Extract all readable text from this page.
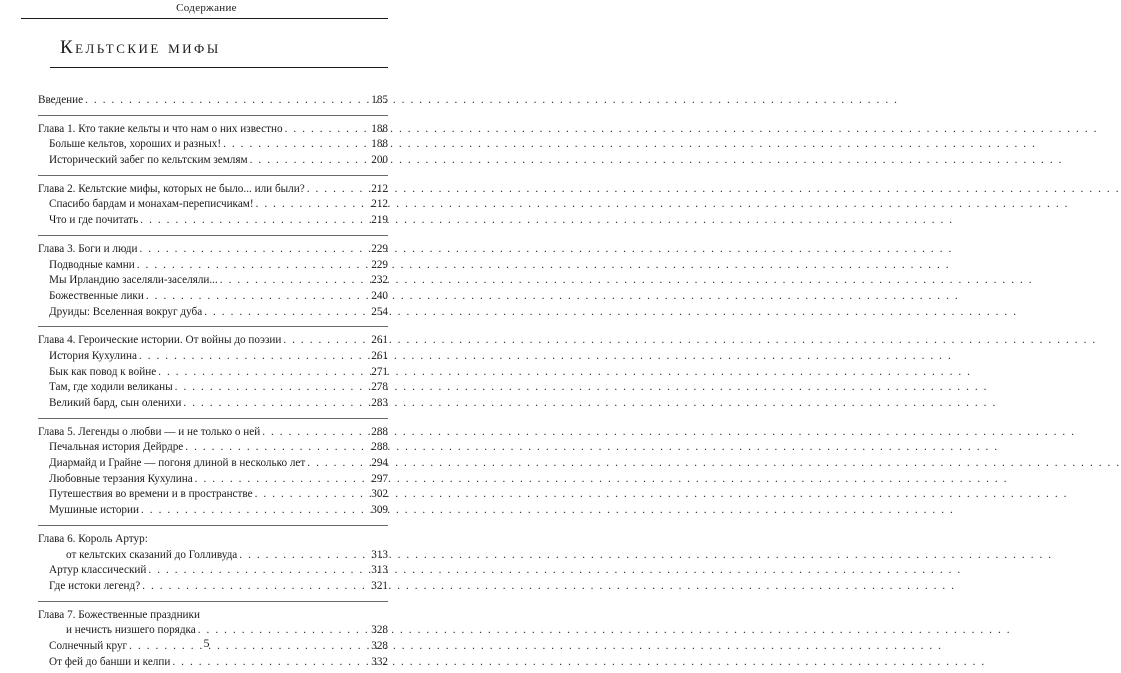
Содержание
Кельтские мифы
Введение . . .	185
Глава 1. Кто такие кельты и что нам о них известно . . .	188
Больше кельтов, хороших и разных! . . .	188
Исторический забег по кельтским землям . . .	200
Глава 2. Кельтские мифы, которых не было... или были? . . .	212
Спасибо бардам и монахам-переписчикам! . . .	212
Что и где почитать . . .	219
Глава 3. Боги и люди . . .	229
Подводные камни . . .	229
Мы Ирландию заселяли-заселяли... . . .	232
Божественные лики . . .	240
Друиды: Вселенная вокруг дуба . . .	254
Глава 4. Героические истории. От войны до поэзии . . .	261
История Кухулина . . .	261
Бык как повод к войне . . .	271
Там, где ходили великаны . . .	278
Великий бард, сын оленихи . . .	283
Глава 5. Легенды о любви — и не только о ней . . .	288
Печальная история Дейрдре . . .	288
Диармайд и Грайне — погоня длиной в несколько лет . . .	294
Любовные терзания Кухулина . . .	297
Путешествия во времени и в пространстве . . .	302
Мушиные истории . . .	309
Глава 6. Король Артур:
от кельтских сказаний до Голливуда . . .	313
Артур классический . . .	313
Где истоки легенд? . . .	321
Глава 7. Божественные праздники
и нечисть низшего порядка . . .	328
Солнечный круг . . .	328
От фей до банши и келпи . . .	332
5
